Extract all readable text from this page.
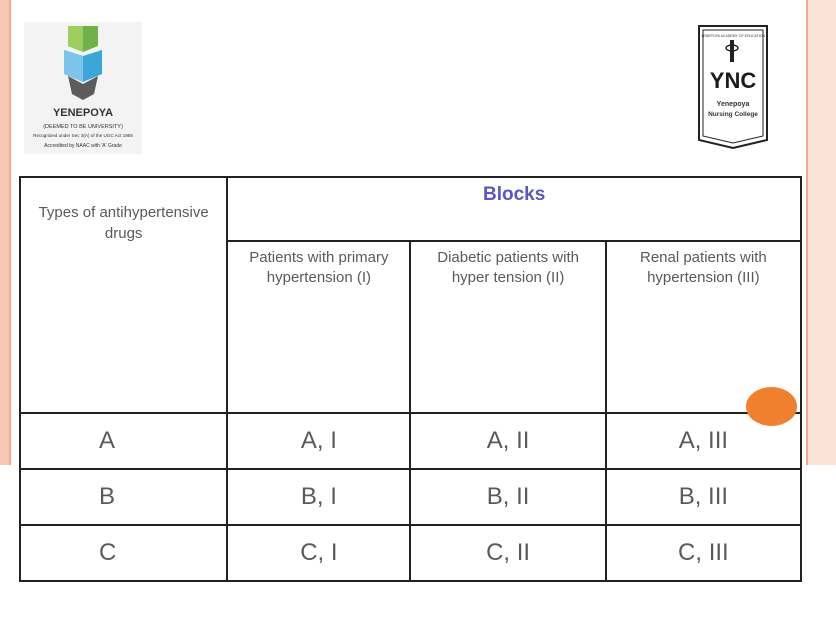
YENEPOYA
(DEEMED TO BE UNIVERSITY)
Recognized under Sec 3(A) of the UGC Act 1956
Accredited by NAAC with 'A' Grade
YENEPOYA ACADEMY OF EDUCATION
YNC
Yenepoya
Nursing College
Types of antihypertensive drugs	Blocks		

	Patients with primary hypertension (I)	Diabetic patients with hyper tension (II)	Renal patients with hypertension (III)

A	A, I	A, II	A, III
B	B, I	B, II	B, III
C	C, I	C, II	C, III
